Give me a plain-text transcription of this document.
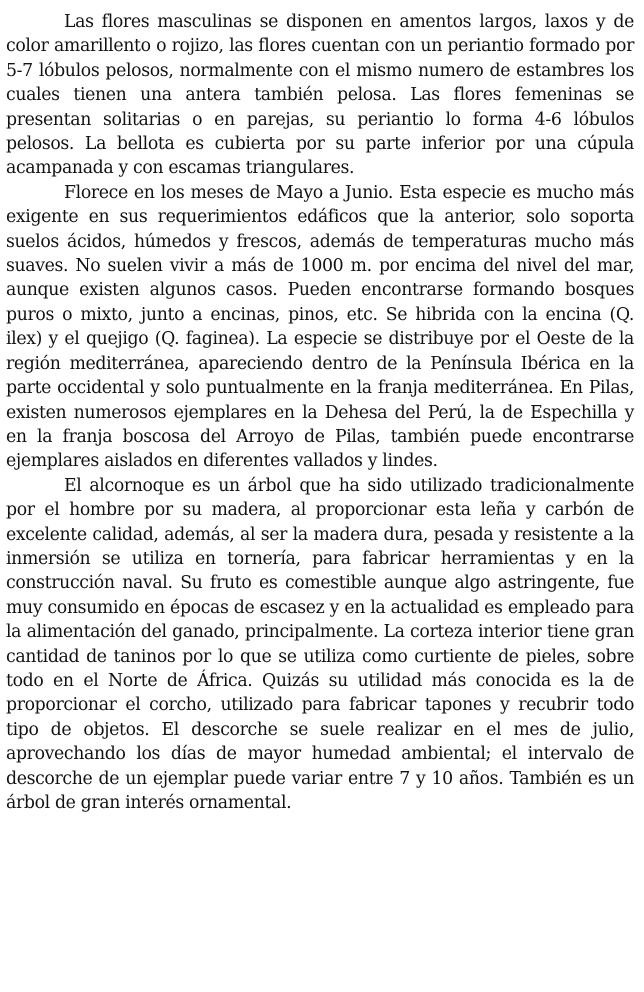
Las flores masculinas se disponen en amentos largos, laxos y de color amarillento o rojizo, las flores cuentan con un periantio formado por 5-7 lóbulos pelosos, normalmente con el mismo numero de estambres los cuales tienen una antera también pelosa. Las flores femeninas se presentan solitarias o en parejas, su periantio lo forma 4-6 lóbulos pelosos. La bellota es cubierta por su parte inferior por una cúpula acampanada y con escamas triangulares.

Florece en los meses de Mayo a Junio. Esta especie es mucho más exigente en sus requerimientos edáficos que la anterior, solo soporta suelos ácidos, húmedos y frescos, además de temperaturas mucho más suaves. No suelen vivir a más de 1000 m. por encima del nivel del mar, aunque existen algunos casos. Pueden encontrarse formando bosques puros o mixto, junto a encinas, pinos, etc. Se hibrida con la encina (Q. ilex) y el quejigo (Q. faginea). La especie se distribuye por el Oeste de la región mediterránea, apareciendo dentro de la Península Ibérica en la parte occidental y solo puntualmente en la franja mediterránea. En Pilas, existen numerosos ejemplares en la Dehesa del Perú, la de Espechilla y en la franja boscosa del Arroyo de Pilas, también puede encontrarse ejemplares aislados en diferentes vallados y lindes.

El alcornoque es un árbol que ha sido utilizado tradicionalmente por el hombre por su madera, al proporcionar esta leña y carbón de excelente calidad, además, al ser la madera dura, pesada y resistente a la inmersión se utiliza en tornería, para fabricar herramientas y en la construcción naval. Su fruto es comestible aunque algo astringente, fue muy consumido en épocas de escasez y en la actualidad es empleado para la alimentación del ganado, principalmente. La corteza interior tiene gran cantidad de taninos por lo que se utiliza como curtiente de pieles, sobre todo en el Norte de África. Quizás su utilidad más conocida es la de proporcionar el corcho, utilizado para fabricar tapones y recubrir todo tipo de objetos. El descorche se suele realizar en el mes de julio, aprovechando los días de mayor humedad ambiental; el intervalo de descorche de un ejemplar puede variar entre 7 y 10 años. También es un árbol de gran interés ornamental.
